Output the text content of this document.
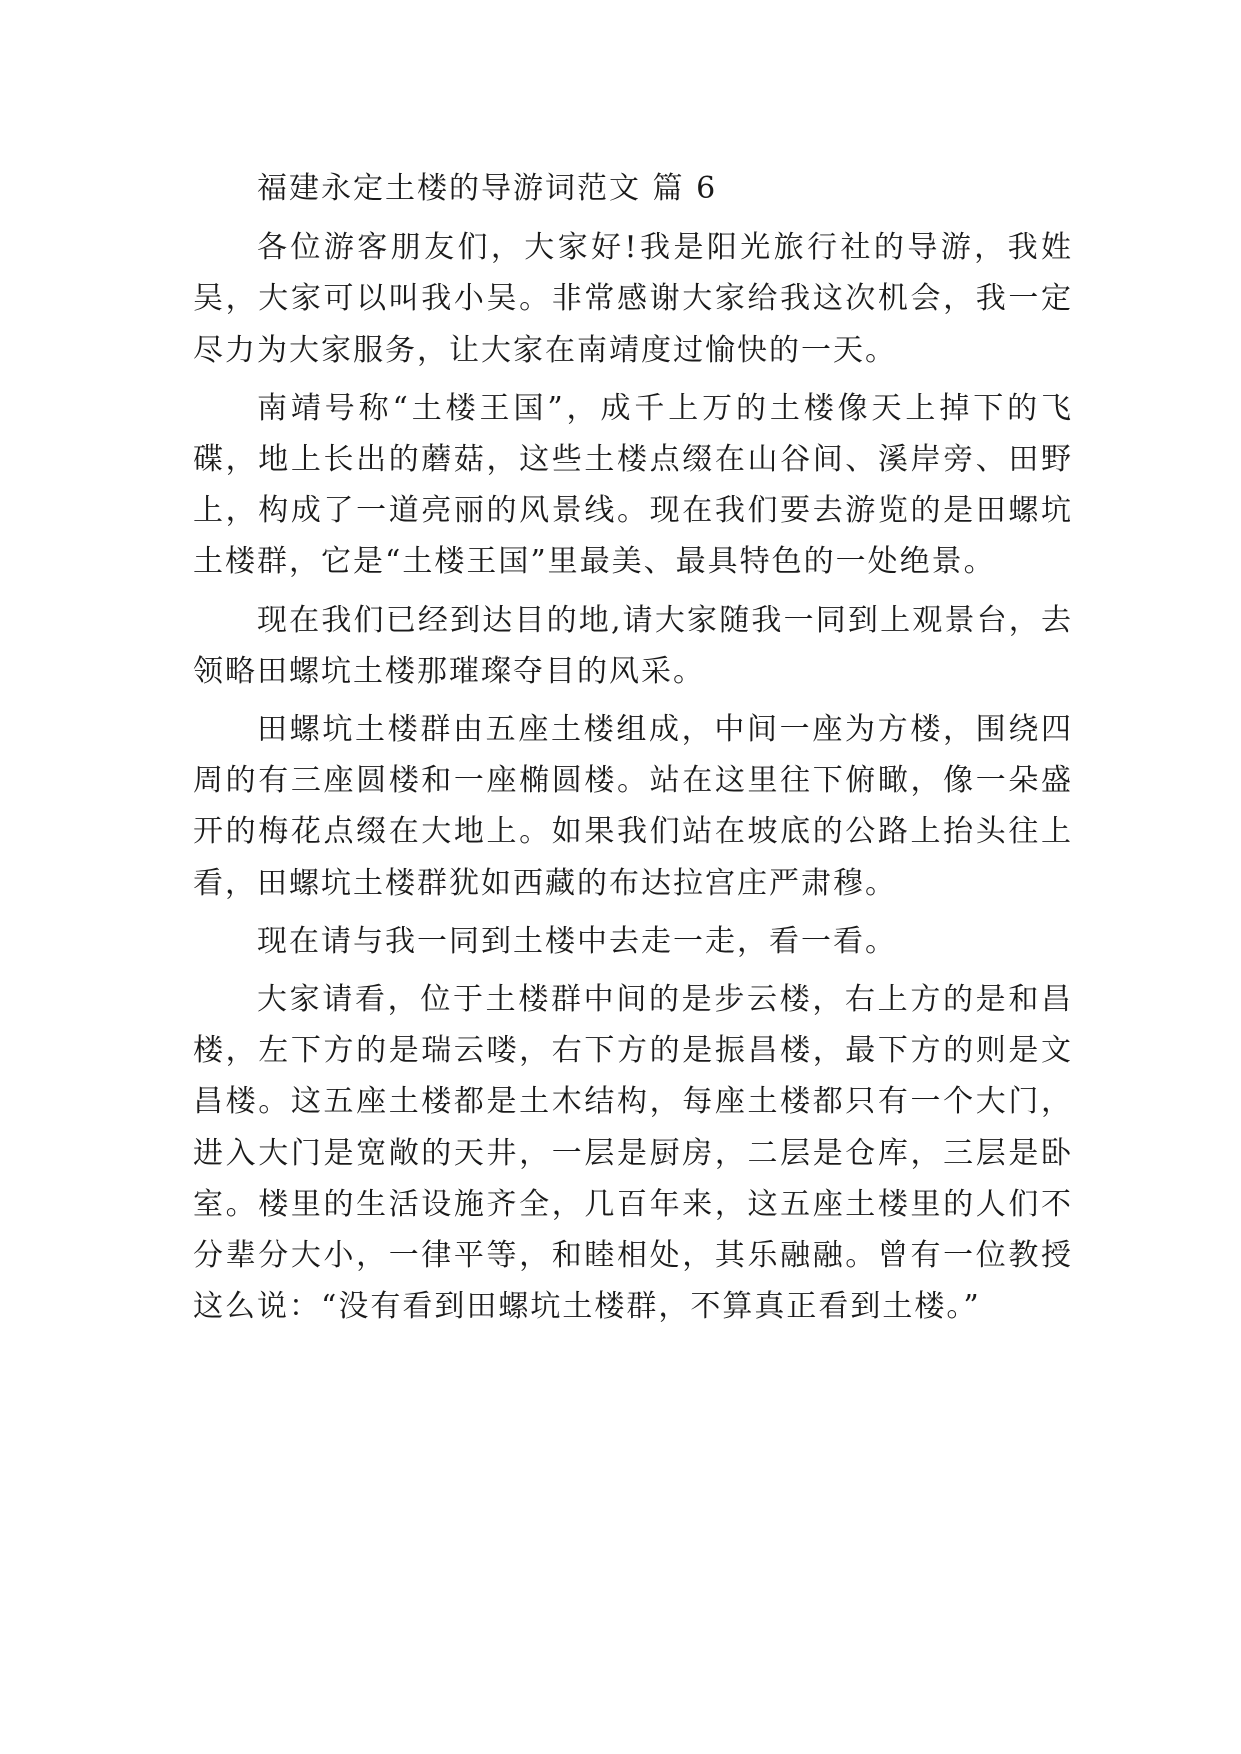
福建永定土楼的导游词范文 篇 6

各位游客朋友们，大家好!我是阳光旅行社的导游，我姓吴，大家可以叫我小吴。非常感谢大家给我这次机会，我一定尽力为大家服务，让大家在南靖度过愉快的一天。

南靖号称“土楼王国”，成千上万的土楼像天上掉下的飞碟，地上长出的蘑菇，这些土楼点缀在山谷间、溪岸旁、田野上，构成了一道亮丽的风景线。现在我们要去游览的是田螺坑土楼群，它是“土楼王国”里最美、最具特色的一处绝景。

现在我们已经到达目的地,请大家随我一同到上观景台，去领略田螺坑土楼那璀璨夺目的风采。

田螺坑土楼群由五座土楼组成，中间一座为方楼，围绕四周的有三座圆楼和一座椭圆楼。站在这里往下俯瞰，像一朵盛开的梅花点缀在大地上。如果我们站在坡底的公路上抬头往上看，田螺坑土楼群犹如西藏的布达拉宫庄严肃穆。

现在请与我一同到土楼中去走一走，看一看。

大家请看，位于土楼群中间的是步云楼，右上方的是和昌楼，左下方的是瑞云喽，右下方的是振昌楼，最下方的则是文昌楼。这五座土楼都是土木结构，每座土楼都只有一个大门，进入大门是宽敞的天井，一层是厨房，二层是仓库，三层是卧室。楼里的生活设施齐全，几百年来，这五座土楼里的人们不分辈分大小，一律平等，和睦相处，其乐融融。曾有一位教授这么说：“没有看到田螺坑土楼群，不算真正看到土楼。”
